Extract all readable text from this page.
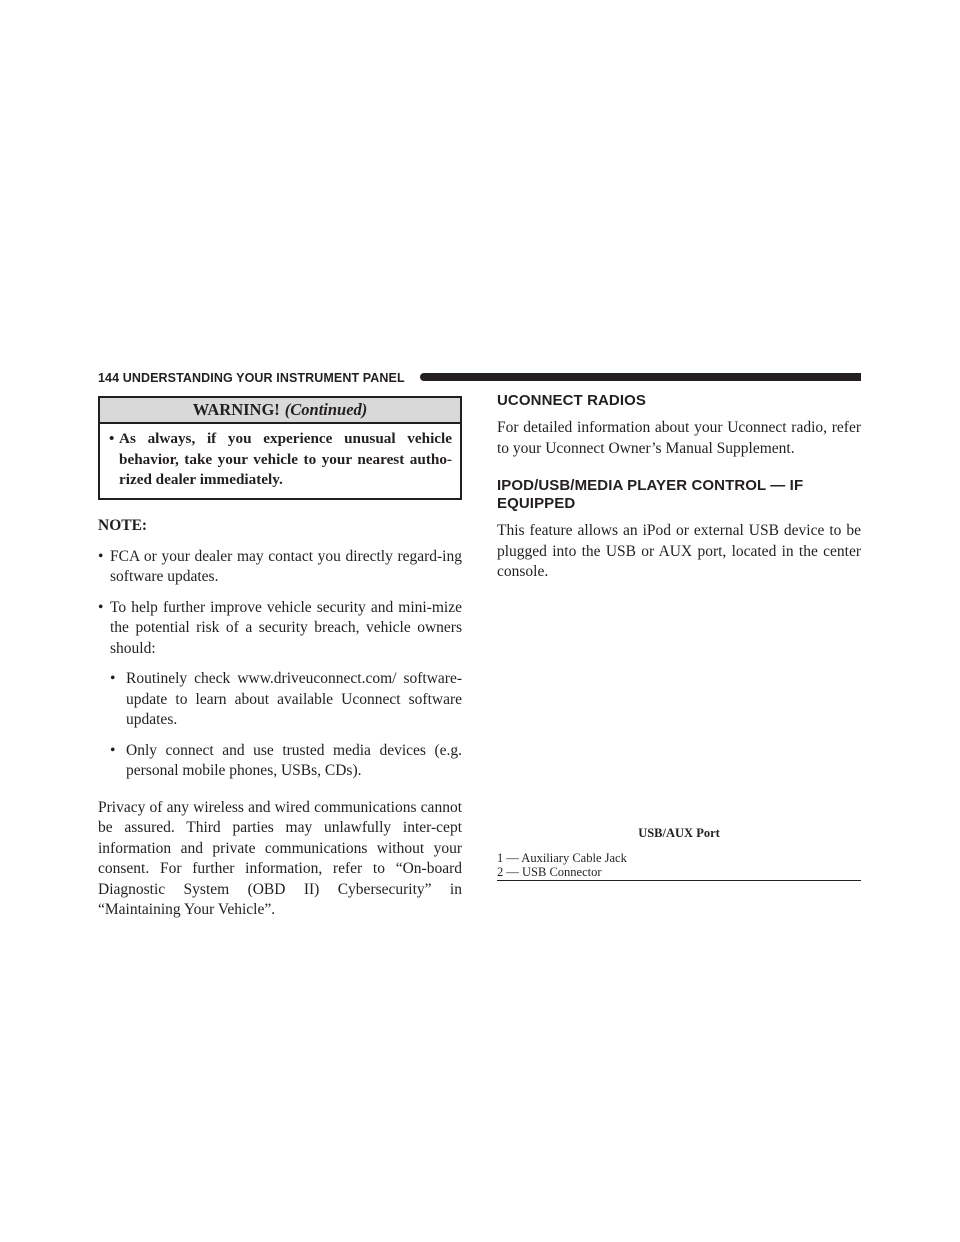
144 UNDERSTANDING YOUR INSTRUMENT PANEL
WARNING! (Continued)
• As always, if you experience unusual vehicle behavior, take your vehicle to your nearest autho-rized dealer immediately.
NOTE:
• FCA or your dealer may contact you directly regard-ing software updates.
• To help further improve vehicle security and mini-mize the potential risk of a security breach, vehicle owners should:
• Routinely check www.driveuconnect.com/ software-update to learn about available Uconnect software updates.
• Only connect and use trusted media devices (e.g. personal mobile phones, USBs, CDs).
Privacy of any wireless and wired communications cannot be assured. Third parties may unlawfully inter-cept information and private communications without your consent. For further information, refer to “On-board Diagnostic System (OBD II) Cybersecurity” in “Maintaining Your Vehicle”.
UCONNECT RADIOS
For detailed information about your Uconnect radio, refer to your Uconnect Owner’s Manual Supplement.
IPOD/USB/MEDIA PLAYER CONTROL — IF EQUIPPED
This feature allows an iPod or external USB device to be plugged into the USB or AUX port, located in the center console.
USB/AUX Port
1 — Auxiliary Cable Jack
2 — USB Connector
